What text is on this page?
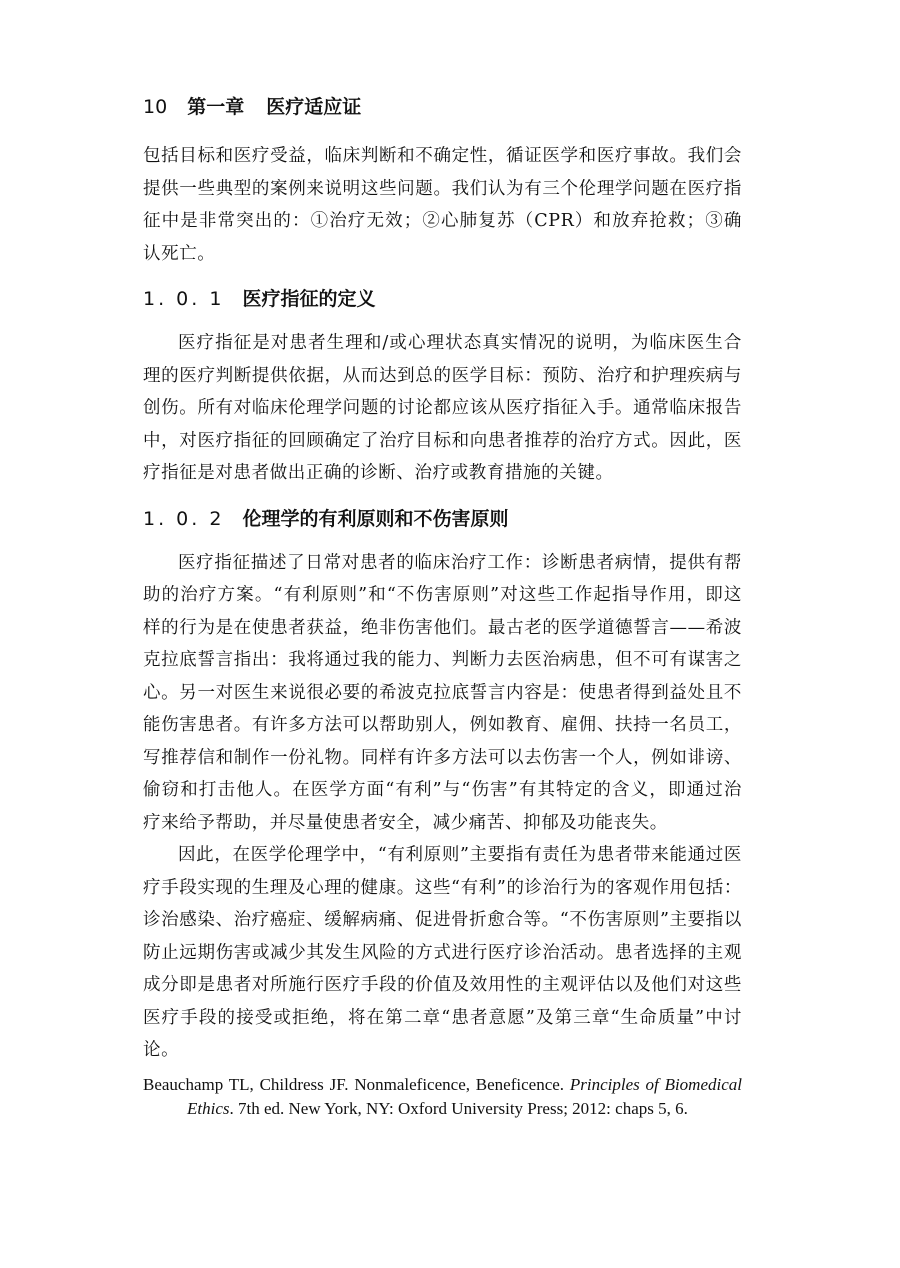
10 第一章 医疗适应证

包括目标和医疗受益，临床判断和不确定性，循证医学和医疗事故。我们会提供一些典型的案例来说明这些问题。我们认为有三个伦理学问题在医疗指征中是非常突出的：①治疗无效；②心肺复苏（CPR）和放弃抢救；③确认死亡。

1. 0. 1 医疗指征的定义

医疗指征是对患者生理和/或心理状态真实情况的说明，为临床医生合理的医疗判断提供依据，从而达到总的医学目标：预防、治疗和护理疾病与创伤。所有对临床伦理学问题的讨论都应该从医疗指征入手。通常临床报告中，对医疗指征的回顾确定了治疗目标和向患者推荐的治疗方式。因此，医疗指征是对患者做出正确的诊断、治疗或教育措施的关键。

1. 0. 2 伦理学的有利原则和不伤害原则

医疗指征描述了日常对患者的临床治疗工作：诊断患者病情，提供有帮助的治疗方案。“有利原则”和“不伤害原则”对这些工作起指导作用，即这样的行为是在使患者获益，绝非伤害他们。最古老的医学道德誓言——希波克拉底誓言指出：我将通过我的能力、判断力去医治病患，但不可有谋害之心。另一对医生来说很必要的希波克拉底誓言内容是：使患者得到益处且不能伤害患者。有许多方法可以帮助别人，例如教育、雇佣、扶持一名员工，写推荐信和制作一份礼物。同样有许多方法可以去伤害一个人，例如诽谤、偷窃和打击他人。在医学方面“有利”与“伤害”有其特定的含义，即通过治疗来给予帮助，并尽量使患者安全，减少痛苦、抑郁及功能丧失。

因此，在医学伦理学中，“有利原则”主要指有责任为患者带来能通过医疗手段实现的生理及心理的健康。这些“有利”的诊治行为的客观作用包括：诊治感染、治疗癌症、缓解病痛、促进骨折愈合等。“不伤害原则”主要指以防止远期伤害或减少其发生风险的方式进行医疗诊治活动。患者选择的主观成分即是患者对所施行医疗手段的价值及效用性的主观评估以及他们对这些医疗手段的接受或拒绝，将在第二章“患者意愿”及第三章“生命质量”中讨论。

Beauchamp TL, Childress JF. Nonmaleficence, Beneficence. Principles of Biomedical Ethics. 7th ed. New York, NY: Oxford University Press; 2012: chaps 5, 6.
